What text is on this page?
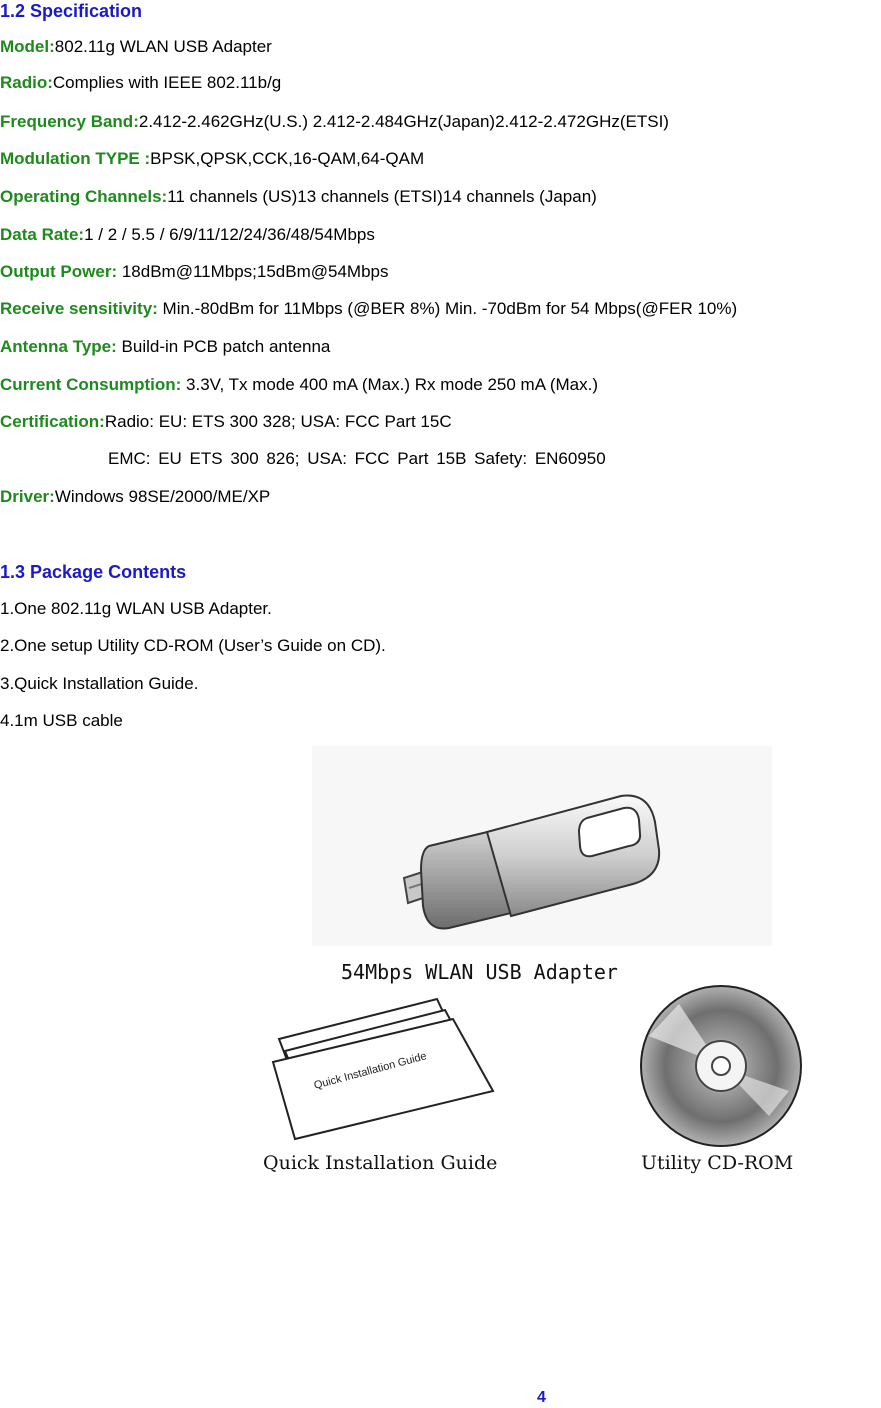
1.2 Specification
Model:802.11g WLAN USB Adapter
Radio:Complies with IEEE 802.11b/g
Frequency Band:2.412-2.462GHz(U.S.) 2.412-2.484GHz(Japan)2.412-2.472GHz(ETSI)
Modulation TYPE :BPSK,QPSK,CCK,16-QAM,64-QAM
Operating Channels:11 channels (US)13 channels (ETSI)14 channels (Japan)
Data Rate:1 / 2 / 5.5 / 6/9/11/12/24/36/48/54Mbps
Output Power: 18dBm@11Mbps;15dBm@54Mbps
Receive sensitivity: Min.-80dBm for 11Mbps (@BER 8%) Min. -70dBm for 54 Mbps(@FER 10%)
Antenna Type: Build-in PCB patch antenna
Current Consumption: 3.3V, Tx mode 400 mA (Max.) Rx mode 250 mA (Max.)
Certification:Radio: EU: ETS 300 328; USA: FCC Part 15C
EMC: EU ETS 300 826; USA: FCC Part 15B Safety: EN60950
Driver:Windows 98SE/2000/ME/XP
1.3 Package Contents
1.One 802.11g WLAN USB Adapter.
2.One setup Utility CD-ROM (User’s Guide on CD).
3.Quick Installation Guide.
4.1m USB cable
54Mbps WLAN USB Adapter
Quick Installation Guide
Quick Installation Guide	Utility CD-ROM
4
